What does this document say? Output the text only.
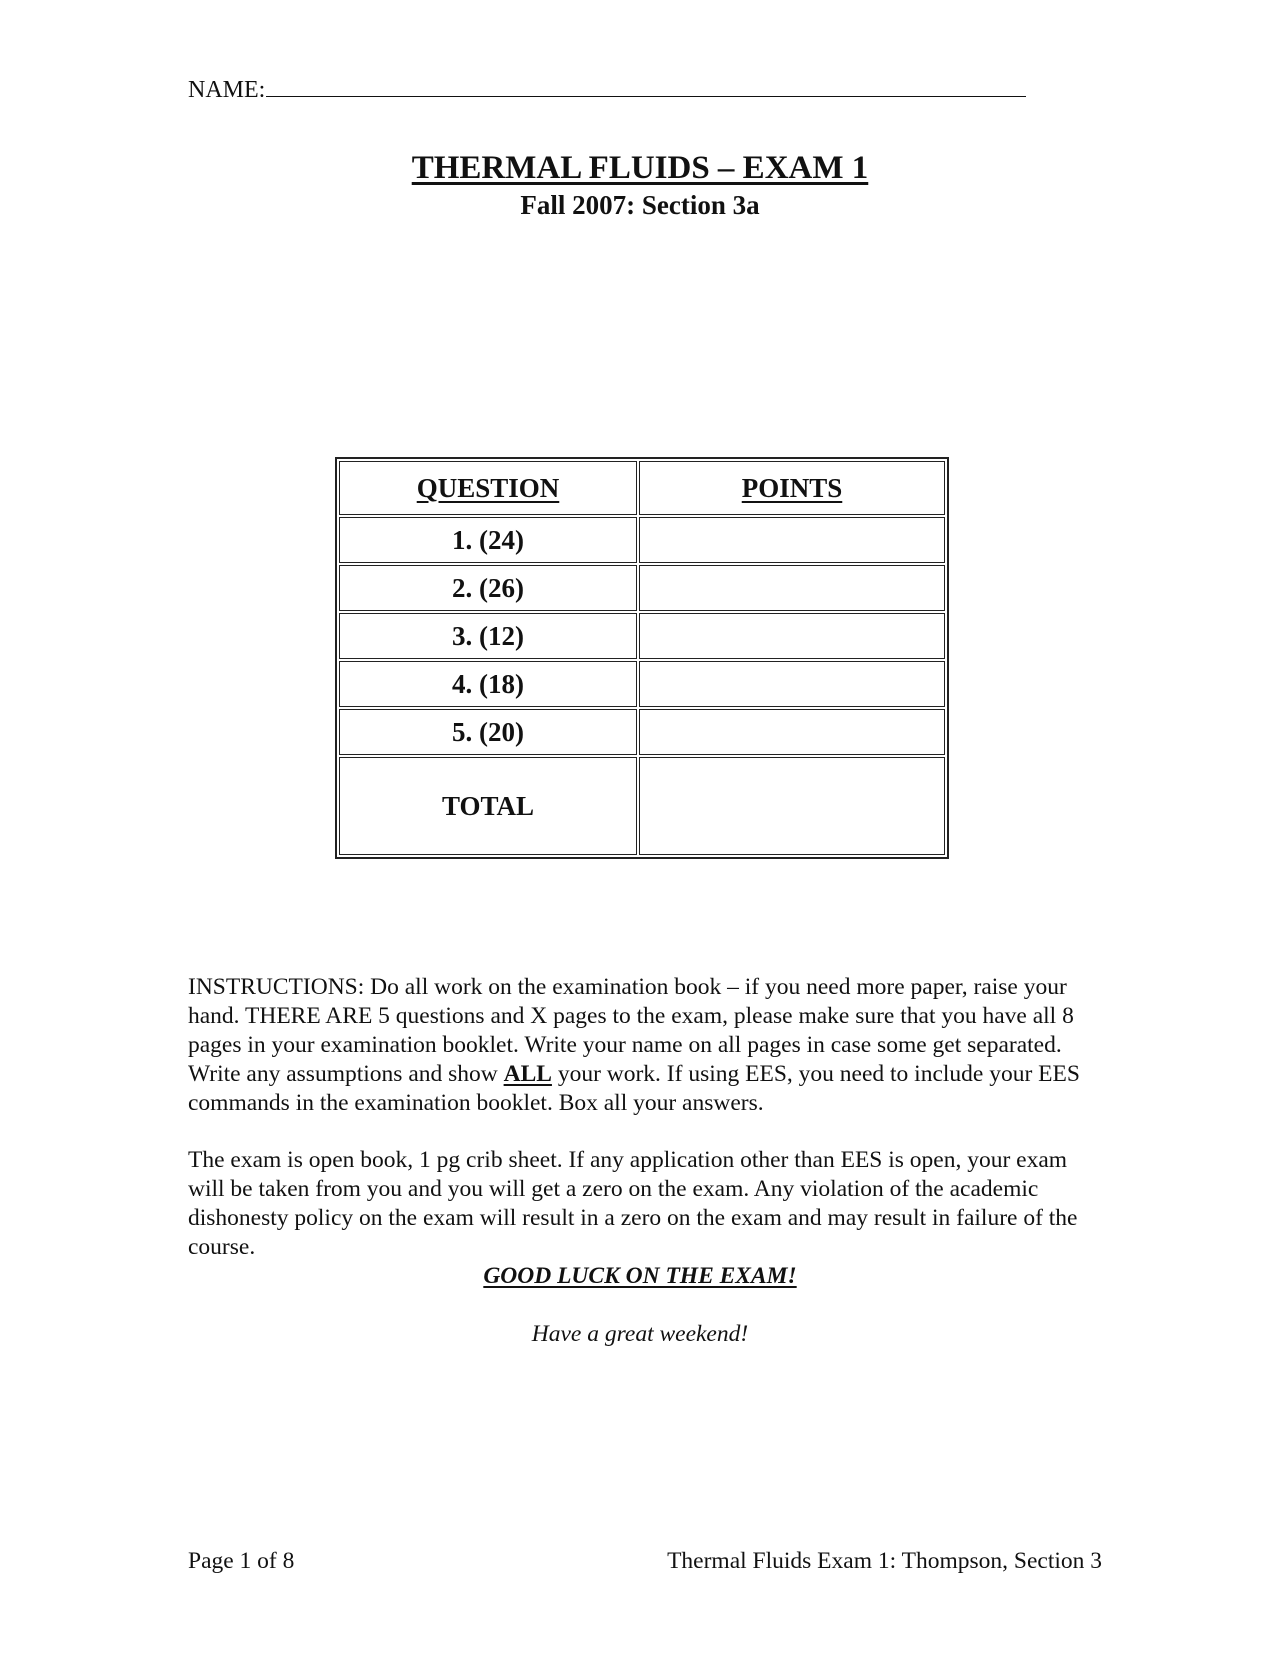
NAME:
THERMAL FLUIDS – EXAM 1
Fall 2007: Section 3a
QUESTION	POINTS
1. (24)	
2. (26)	
3. (12)	
4. (18)	
5. (20)	
TOTAL	

INSTRUCTIONS: Do all work on the examination book – if you need more paper, raise your hand. THERE ARE 5 questions and X pages to the exam, please make sure that you have all 8 pages in your examination booklet. Write your name on all pages in case some get separated. Write any assumptions and show ALL your work. If using EES, you need to include your EES commands in the examination booklet. Box all your answers.

The exam is open book, 1 pg crib sheet. If any application other than EES is open, your exam will be taken from you and you will get a zero on the exam. Any violation of the academic dishonesty policy on the exam will result in a zero on the exam and may result in failure of the course.

GOOD LUCK ON THE EXAM!
Have a great weekend!
Page 1 of 8	Thermal Fluids Exam 1: Thompson, Section 3
